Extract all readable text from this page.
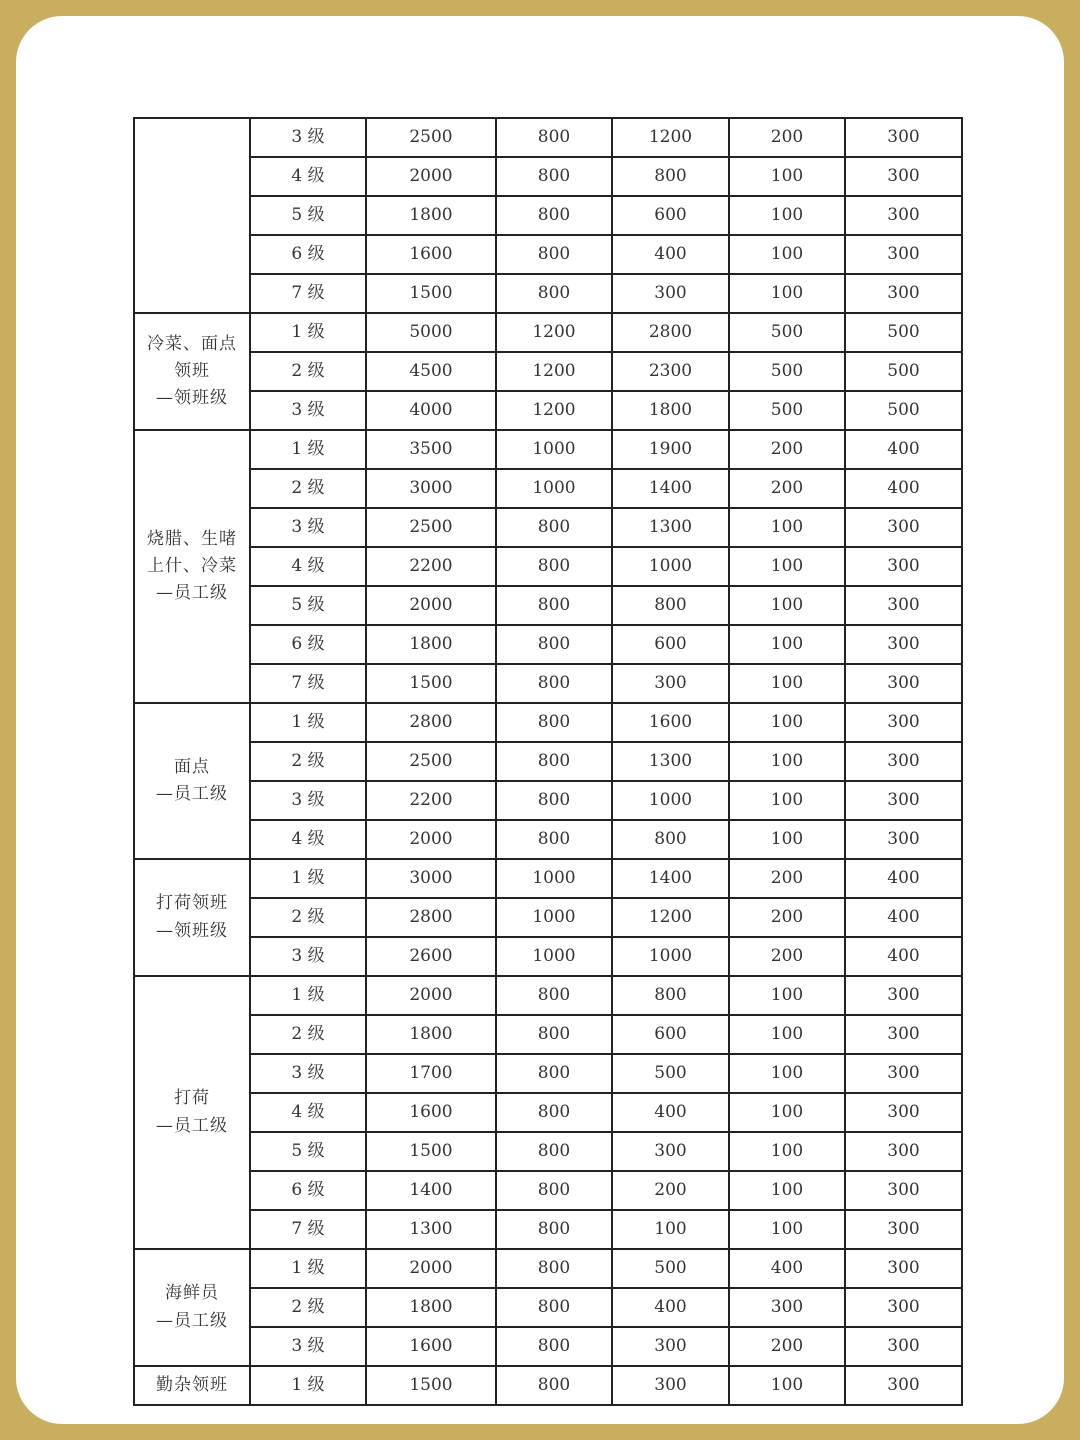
	3 级	2500	800	1200	200	300
	4 级	2000	800	800	100	300
	5 级	1800	800	600	100	300
	6 级	1600	800	400	100	300
	7 级	1500	800	300	100	300

冷菜、面点
领班
—领班级	1 级	5000	1200	2800	500	500
	2 级	4500	1200	2300	500	500
	3 级	4000	1200	1800	500	500

烧腊、生啫
上什、冷菜
—员工级	1 级	3500	1000	1900	200	400
	2 级	3000	1000	1400	200	400
	3 级	2500	800	1300	100	300
	4 级	2200	800	1000	100	300
	5 级	2000	800	800	100	300
	6 级	1800	800	600	100	300
	7 级	1500	800	300	100	300

面点
—员工级	1 级	2800	800	1600	100	300
	2 级	2500	800	1300	100	300
	3 级	2200	800	1000	100	300
	4 级	2000	800	800	100	300

打荷领班
—领班级	1 级	3000	1000	1400	200	400
	2 级	2800	1000	1200	200	400
	3 级	2600	1000	1000	200	400

打荷
—员工级	1 级	2000	800	800	100	300
	2 级	1800	800	600	100	300
	3 级	1700	800	500	100	300
	4 级	1600	800	400	100	300
	5 级	1500	800	300	100	300
	6 级	1400	800	200	100	300
	7 级	1300	800	100	100	300

海鲜员
—员工级	1 级	2000	800	500	400	300
	2 级	1800	800	400	300	300
	3 级	1600	800	300	200	300

勤杂领班	1 级	1500	800	300	100	300
